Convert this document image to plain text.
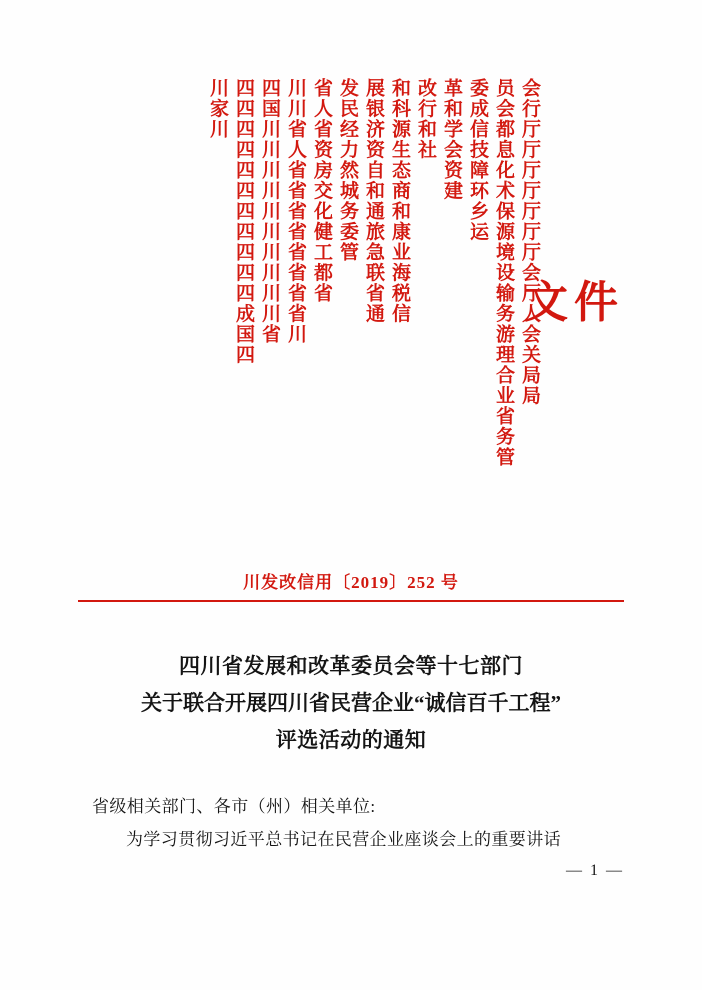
会行厅厅厅厅厅厅厅会厅人会关局局
员会都息化术保源境设输务游理合业省务管
委成信技障环乡运
革和学会资建
改行和社
和科源生态商和康业海税信
展银济资自和通旅急联省通
发民经力然城务委管
省人省资房交化健工都省
川川省人省省省省省省省省川
四国川川川川川川川川川川省
四四四四四四四四四四四成国四
川家川
文件
川发改信用〔2019〕252 号
四川省发展和改革委员会等十七部门
关于联合开展四川省民营企业“诚信百千工程”
评选活动的通知
省级相关部门、各市（州）相关单位:
为学习贯彻习近平总书记在民营企业座谈会上的重要讲话
— 1 —
